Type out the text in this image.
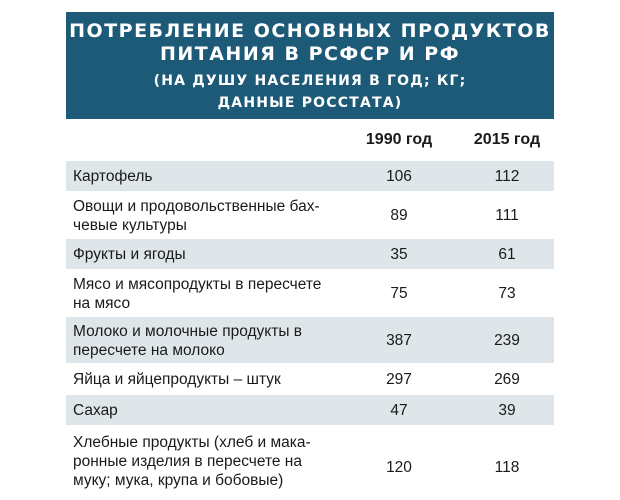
ПОТРЕБЛЕНИЕ ОСНОВНЫХ ПРОДУКТОВ
ПИТАНИЯ В РСФСР И РФ
(НА ДУШУ НАСЕЛЕНИЯ В ГОД; КГ;
ДАННЫЕ РОССТАТА)
1990 год	2015 год
Картофель	106	112
Овощи и продовольственные бах-
чевые культуры
89	111
Фрукты и ягоды	35	61
Мясо и мясопродукты в пересчете
на мясо
75	73
Молоко и молочные продукты в
пересчете на молоко
387	239
Яйца и яйцепродукты – штук	297	269
Сахар	47	39
Хлебные продукты (хлеб и мака-
ронные изделия в пересчете на
муку; мука, крупа и бобовые)
120	118
